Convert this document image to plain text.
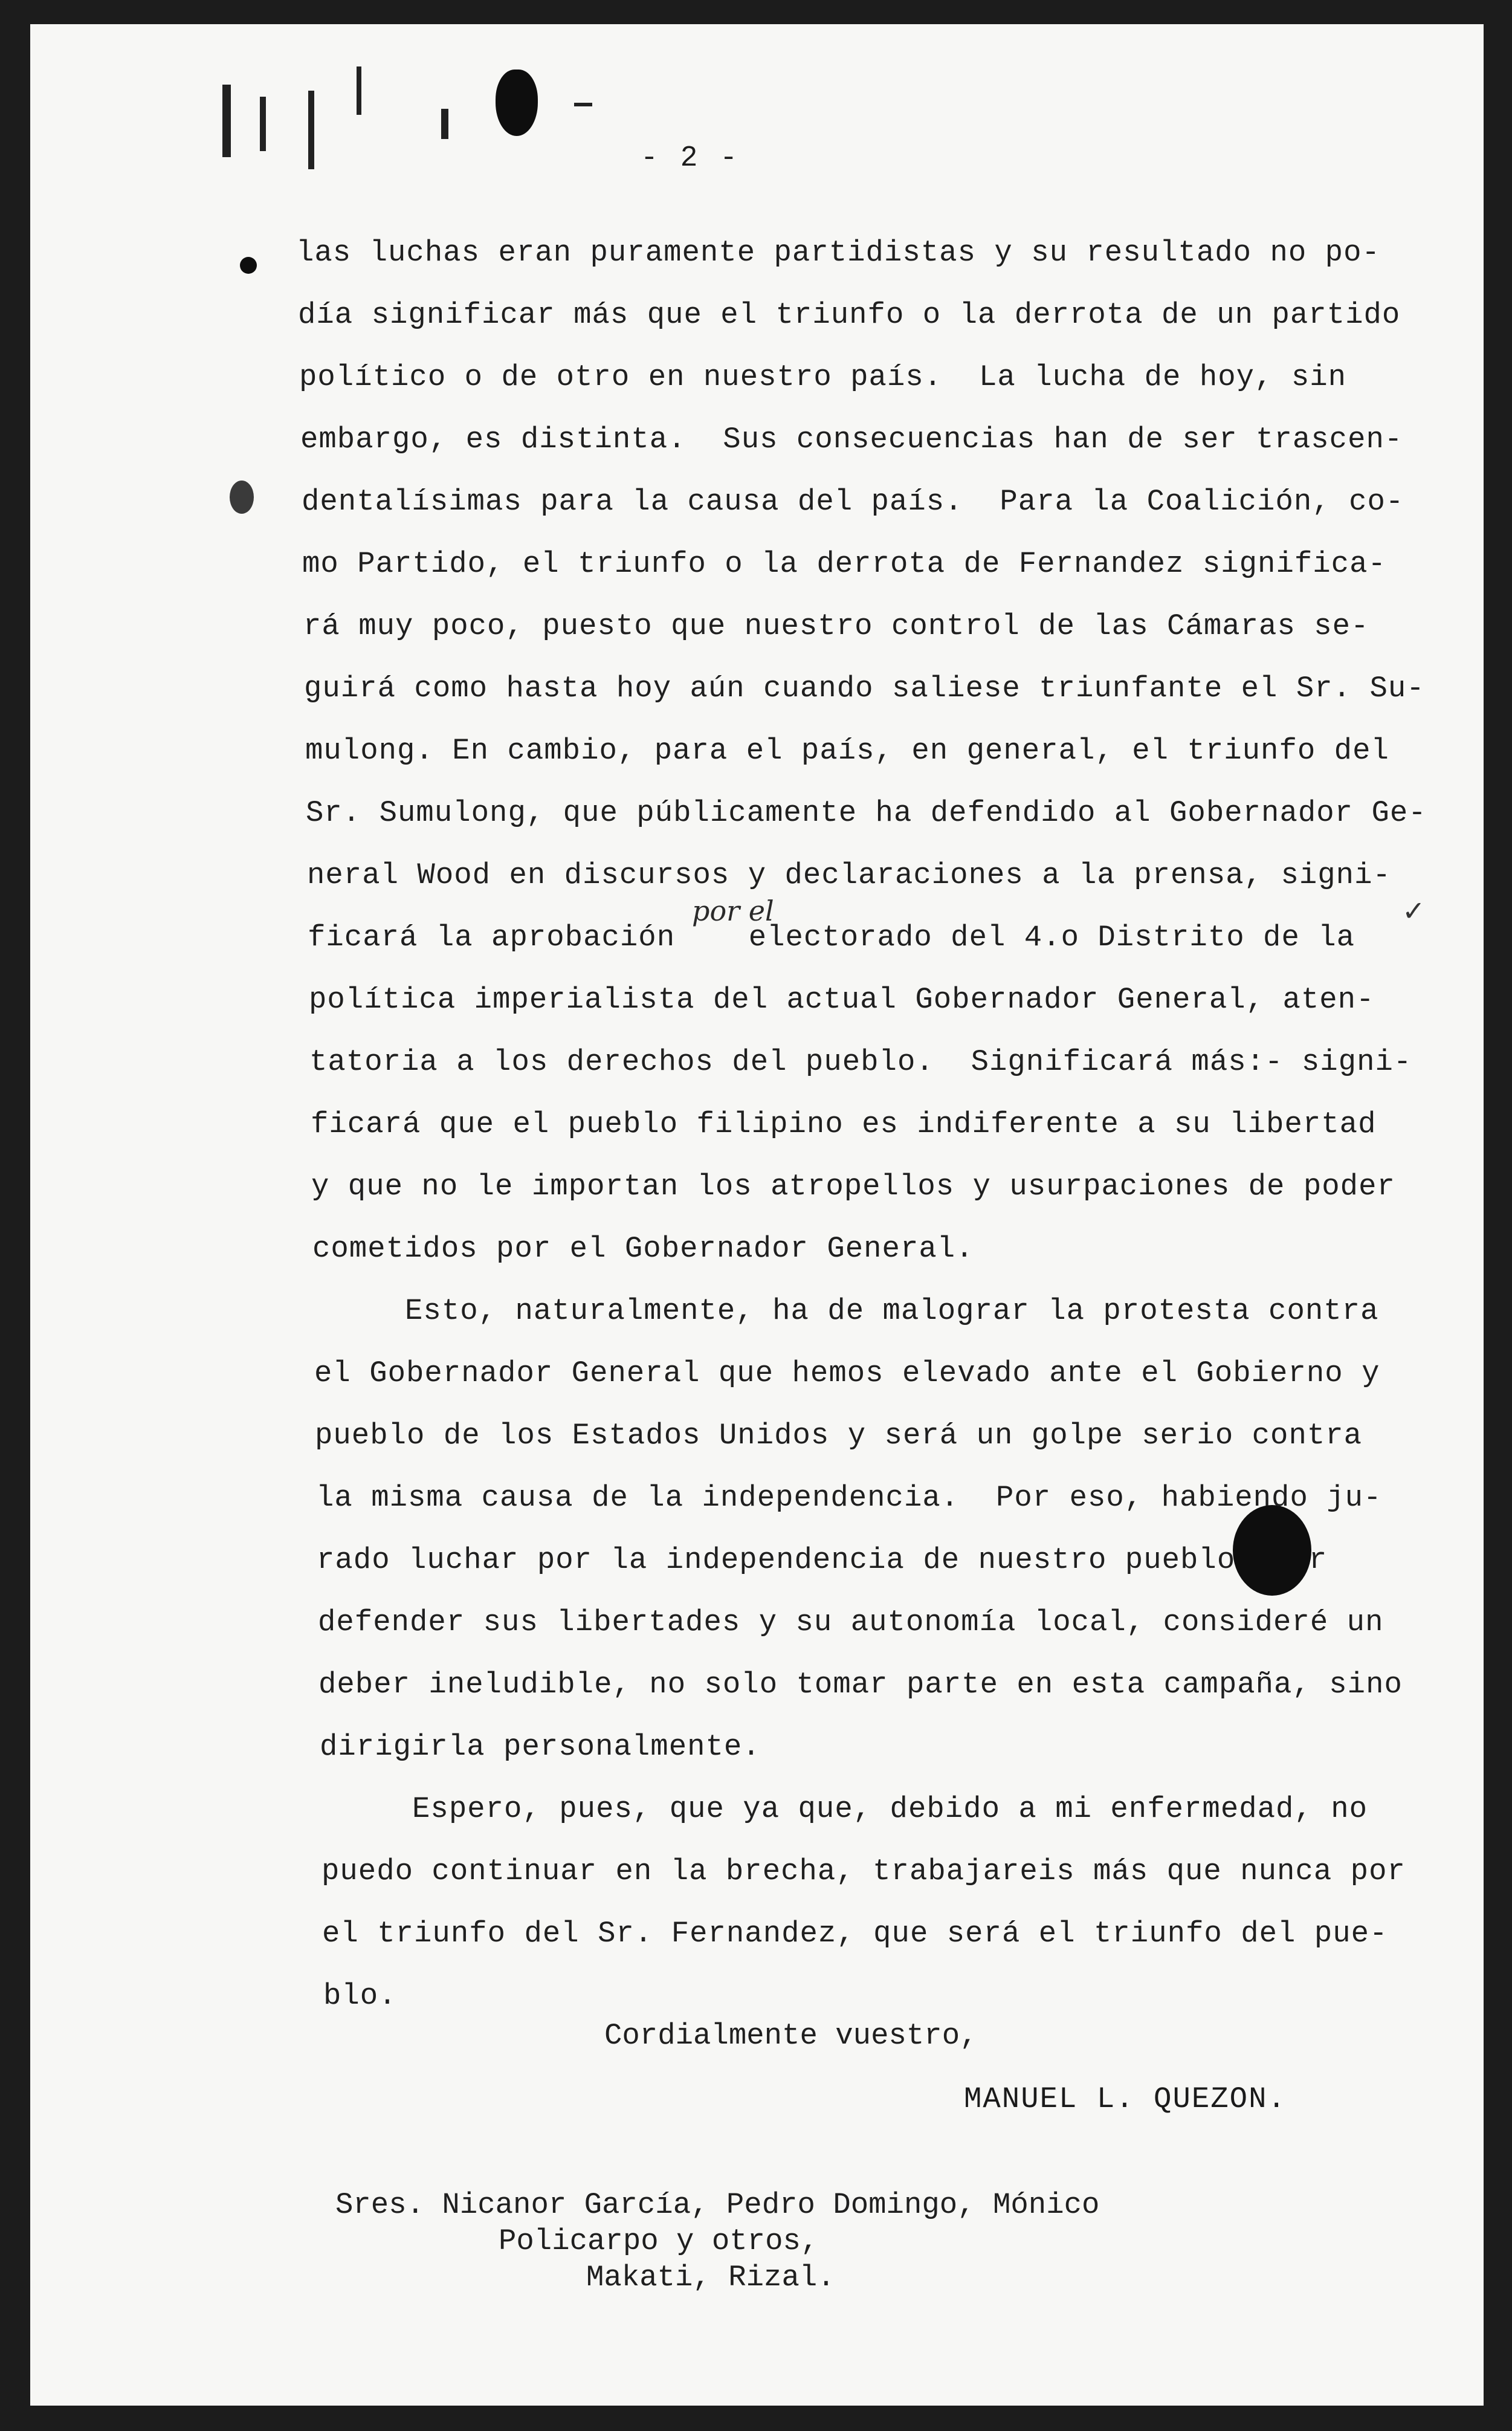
- 2 -
las luchas eran puramente partidistas y su resultado no po-
día significar más que el triunfo o la derrota de un partido
político o de otro en nuestro país.  La lucha de hoy, sin
embargo, es distinta.  Sus consecuencias han de ser trascen-
dentalísimas para la causa del país.  Para la Coalición, co-
mo Partido, el triunfo o la derrota de Fernandez significa-
rá muy poco, puesto que nuestro control de las Cámaras se-
guirá como hasta hoy aún cuando saliese triunfante el Sr. Su-
mulong. En cambio, para el país, en general, el triunfo del
Sr. Sumulong, que públicamente ha defendido al Gobernador Ge-
neral Wood en discursos y declaraciones a la prensa, signi-
ficará la aprobación    electorado del 4.o Distrito de la
política imperialista del actual Gobernador General, aten-
tatoria a los derechos del pueblo.  Significará más:- signi-
ficará que el pueblo filipino es indiferente a su libertad
y que no le importan los atropellos y usurpaciones de poder
cometidos por el Gobernador General.
Esto, naturalmente, ha de malograr la protesta contra
el Gobernador General que hemos elevado ante el Gobierno y
pueblo de los Estados Unidos y será un golpe serio contra
la misma causa de la independencia.  Por eso, habiendo ju-
rado luchar por la independencia de nuestro pueblo    r
defender sus libertades y su autonomía local, consideré un
deber ineludible, no solo tomar parte en esta campaña, sino
dirigirla personalmente.
Espero, pues, que ya que, debido a mi enfermedad, no
puedo continuar en la brecha, trabajareis más que nunca por
el triunfo del Sr. Fernandez, que será el triunfo del pue-
blo.
por el	✓
Cordialmente vuestro,
MANUEL L. QUEZON.
Sres. Nicanor García, Pedro Domingo, Mónico
Policarpo y otros,
Makati, Rizal.
